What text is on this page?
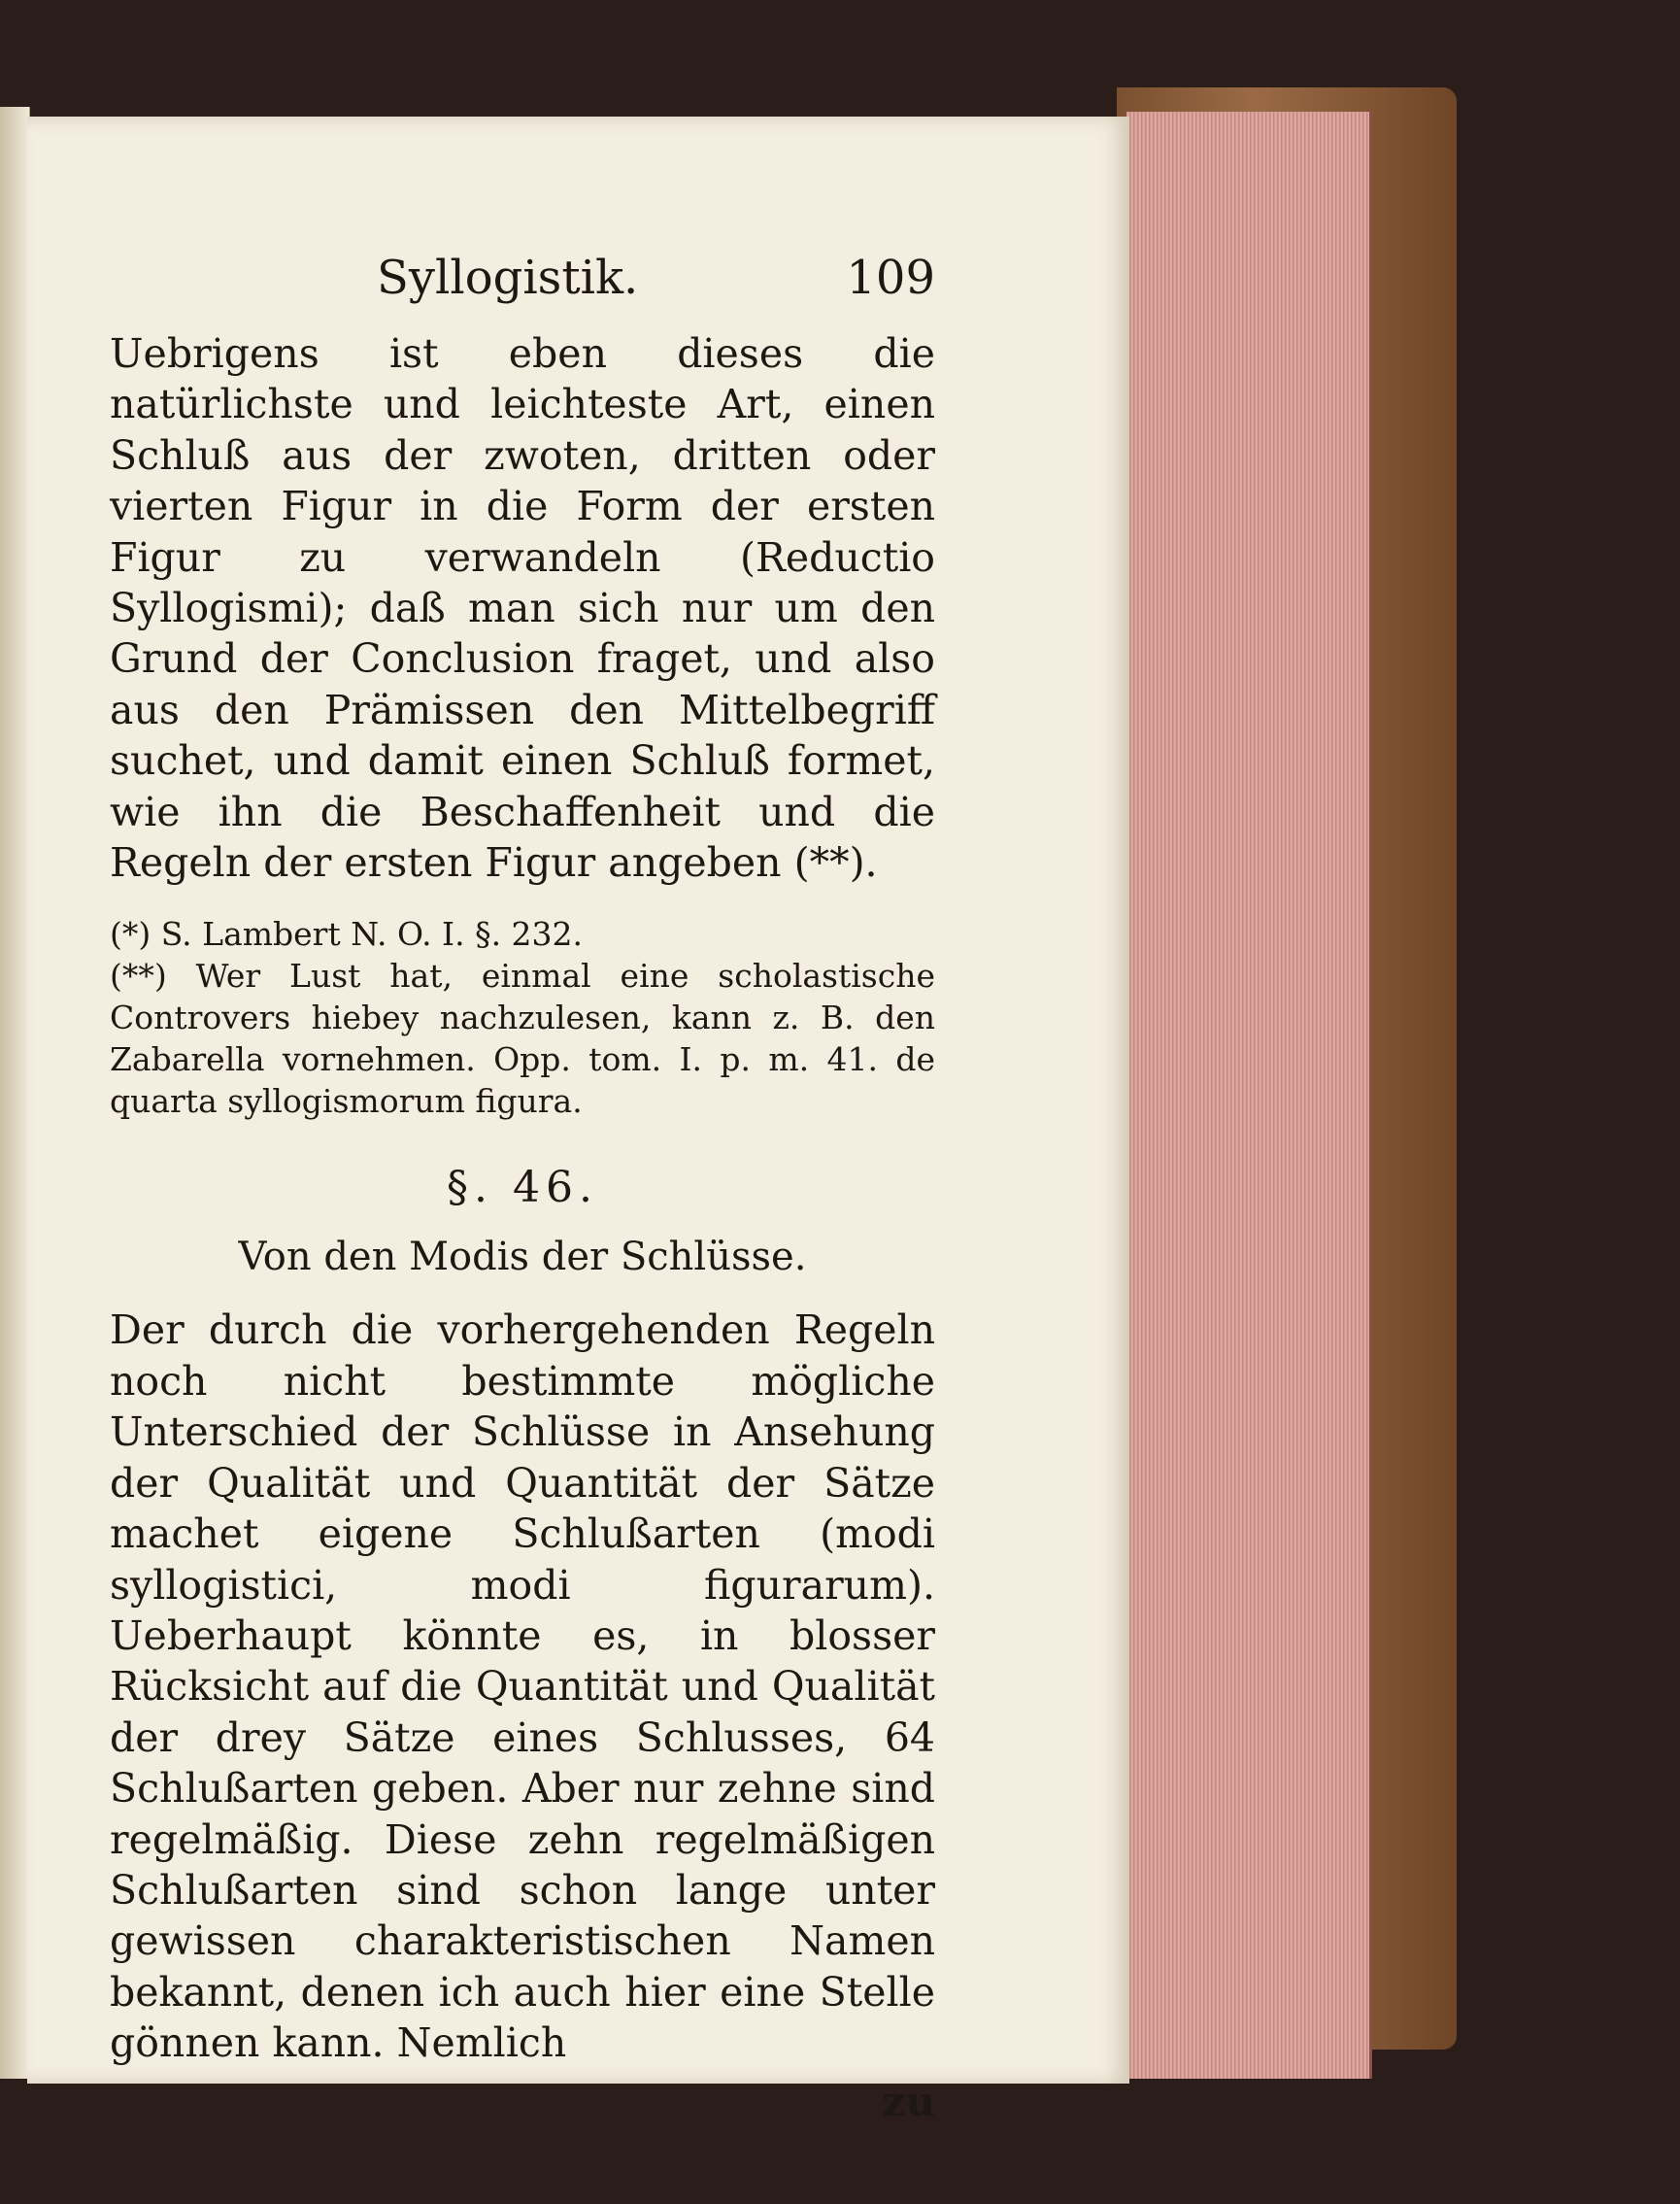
Syllogistik.	109

Uebrigens ist eben dieses die natürlichste und leichteste Art, einen Schluß aus der zwoten, dritten oder vierten Figur in die Form der ersten Figur zu verwandeln (Reductio Syllogismi); daß man sich nur um den Grund der Conclusion fraget, und also aus den Prämissen den Mittelbegriff suchet, und damit einen Schluß formet, wie ihn die Beschaffenheit und die Regeln der ersten Figur angeben (**).

(*) S. Lambert N. O. I. §. 232.

(**) Wer Lust hat, einmal eine scholastische Controvers hiebey nachzulesen, kann z. B. den Zabarella vornehmen. Opp. tom. I. p. m. 41. de quarta syllogismorum figura.

§. 46.
Von den Modis der Schlüsse.

Der durch die vorhergehenden Regeln noch nicht bestimmte mögliche Unterschied der Schlüsse in Ansehung der Qualität und Quantität der Sätze machet eigene Schlußarten (modi syllogistici, modi figurarum). Ueberhaupt könnte es, in blosser Rücksicht auf die Quantität und Qualität der drey Sätze eines Schlusses, 64 Schlußarten geben. Aber nur zehne sind regelmäßig. Diese zehn regelmäßigen Schlußarten sind schon lange unter gewissen charakteristischen Namen bekannt, denen ich auch hier eine Stelle gönnen kann. Nemlich

zu
